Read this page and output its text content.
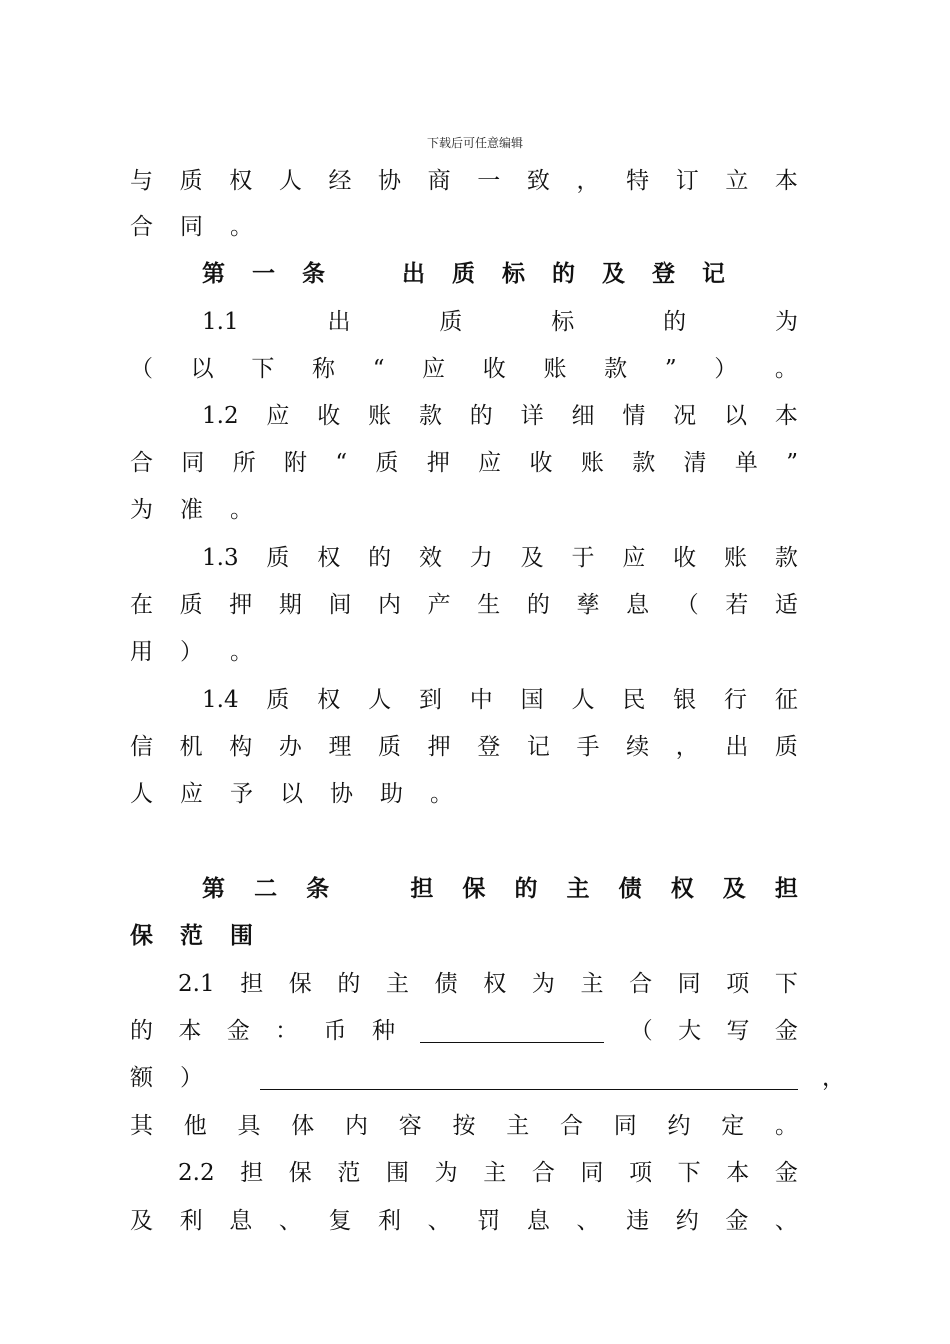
下载后可任意编辑
与 质 权 人 经 协 商 一 致 ， 特 订 立 本
合 同 。
第 一 条
　	出 质 标 的 及 登 记
1.1	出	质	标	的	为
（ 以 下 称 “ 应 收 账 款 ” ） 。
1.2 应 收 账 款 的 详 细 情 况 以 本
合 同 所 附 “ 质 押 应 收 账 款 清 单 ”
为 准 。
1.3 质 权 的 效 力 及 于 应 收 账 款
在 质 押 期 间 内 产 生 的 孳 息 （ 若 适
用 ） 。
1.4 质 权 人 到 中 国 人 民 银 行 征
信 机 构 办 理 质 押 登 记 手 续 ， 出 质
人 应 予 以 协 助 。
第 二 条
　	担 保 的 主 债 权 及 担
保 范 围
2.1 担 保 的 主 债 权 为 主 合 同 项 下
的 本 金 ： 币 种	（ 大 写 金
额 ）
其 他 具 体 内 容 按 主 合 同 约 定 。
2.2 担 保 范 围 为 主 合 同 项 下 本 金
及 利 息 、 复 利 、 罚 息 、 违 约 金 、
，
